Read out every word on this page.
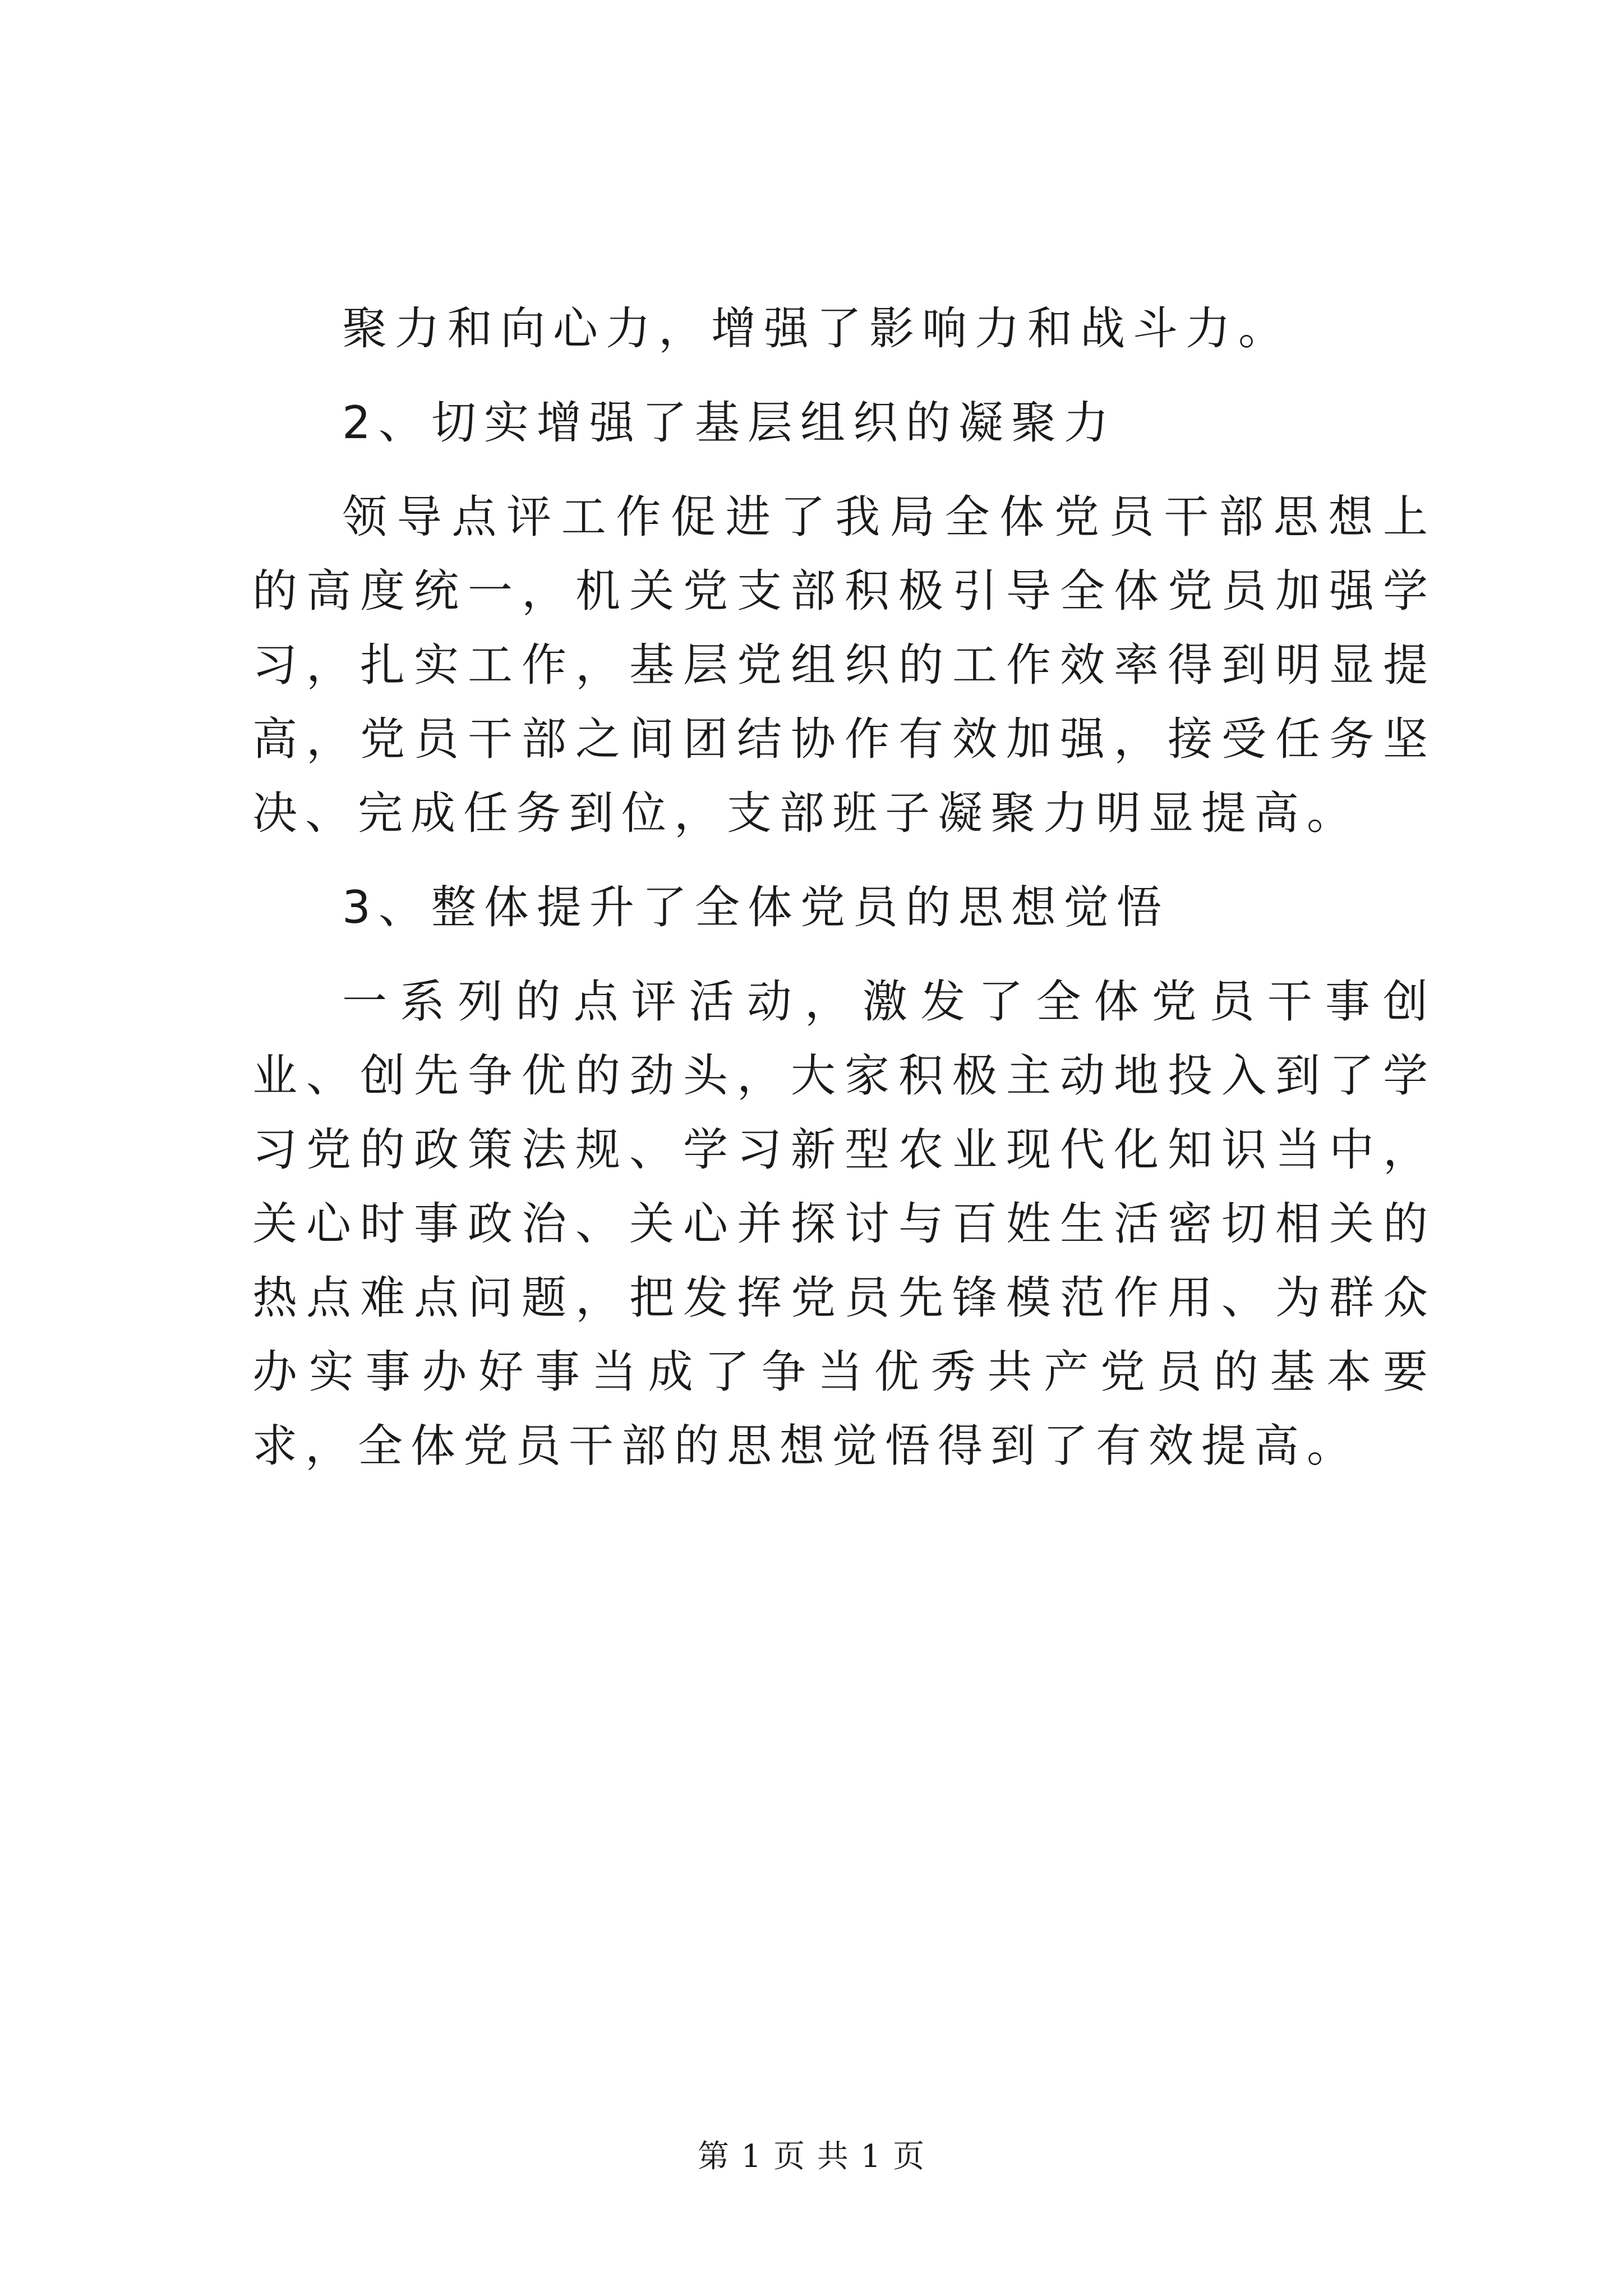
聚力和向心力，增强了影响力和战斗力。

2、切实增强了基层组织的凝聚力

领导点评工作促进了我局全体党员干部思想上的高度统一，机关党支部积极引导全体党员加强学习，扎实工作，基层党组织的工作效率得到明显提高，党员干部之间团结协作有效加强，接受任务坚决、完成任务到位，支部班子凝聚力明显提高。

3、整体提升了全体党员的思想觉悟

一系列的点评活动，激发了全体党员干事创业、创先争优的劲头，大家积极主动地投入到了学习党的政策法规、学习新型农业现代化知识当中，关心时事政治、关心并探讨与百姓生活密切相关的热点难点问题，把发挥党员先锋模范作用、为群众办实事办好事当成了争当优秀共产党员的基本要求，全体党员干部的思想觉悟得到了有效提高。

第 1 页 共 1 页
